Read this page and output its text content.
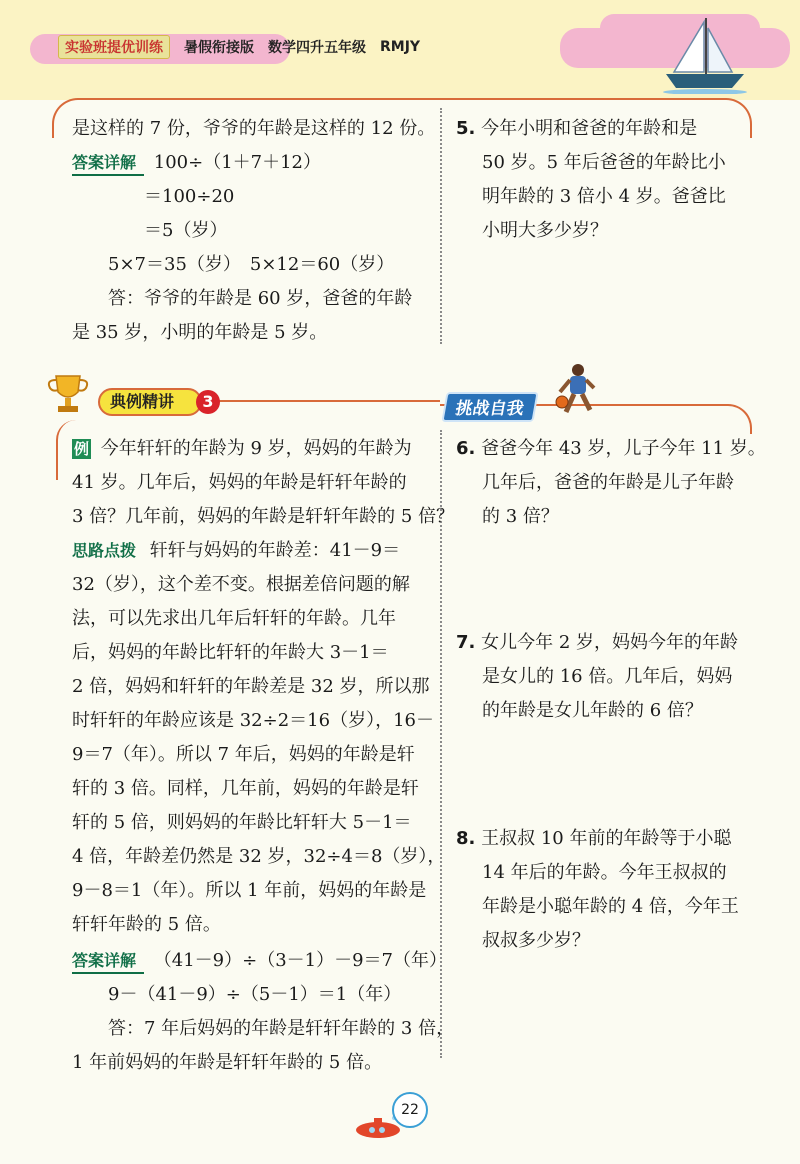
实验班提优训练	暑假衔接版 数学四升五年级 RMJY
是这样的 7 份，爷爷的年龄是这样的 12 份。
答案详解 100÷（1＋7＋12）
＝100÷20
＝5（岁）
5×7＝35（岁）　5×12＝60（岁）
答：爷爷的年龄是 60 岁，爸爸的年龄
是 35 岁，小明的年龄是 5 岁。
5. 今年小明和爸爸的年龄和是
50 岁。5 年后爸爸的年龄比小
明年龄的 3 倍小 4 岁。爸爸比
小明大多少岁？
典例精讲	3	挑战自我
例 今年轩轩的年龄为 9 岁，妈妈的年龄为
41 岁。几年后，妈妈的年龄是轩轩年龄的
3 倍？几年前，妈妈的年龄是轩轩年龄的 5 倍？
思路点拨 轩轩与妈妈的年龄差：41－9＝
32（岁），这个差不变。根据差倍问题的解
法，可以先求出几年后轩轩的年龄。几年
后，妈妈的年龄比轩轩的年龄大 3－1＝
2 倍，妈妈和轩轩的年龄差是 32 岁，所以那
时轩轩的年龄应该是 32÷2＝16（岁），16－
9＝7（年）。所以 7 年后，妈妈的年龄是轩
轩的 3 倍。同样，几年前，妈妈的年龄是轩
轩的 5 倍，则妈妈的年龄比轩轩大 5－1＝
4 倍，年龄差仍然是 32 岁，32÷4＝8（岁），
9－8＝1（年）。所以 1 年前，妈妈的年龄是
轩轩年龄的 5 倍。
答案详解 （41－9）÷（3－1）－9＝7（年）
9－（41－9）÷（5－1）＝1（年）
答：7 年后妈妈的年龄是轩轩年龄的 3 倍，
1 年前妈妈的年龄是轩轩年龄的 5 倍。
6. 爸爸今年 43 岁，儿子今年 11 岁。
几年后，爸爸的年龄是儿子年龄
的 3 倍？
7. 女儿今年 2 岁，妈妈今年的年龄
是女儿的 16 倍。几年后，妈妈
的年龄是女儿年龄的 6 倍？
8. 王叔叔 10 年前的年龄等于小聪
14 年后的年龄。今年王叔叔的
年龄是小聪年龄的 4 倍，今年王
叔叔多少岁？
22
